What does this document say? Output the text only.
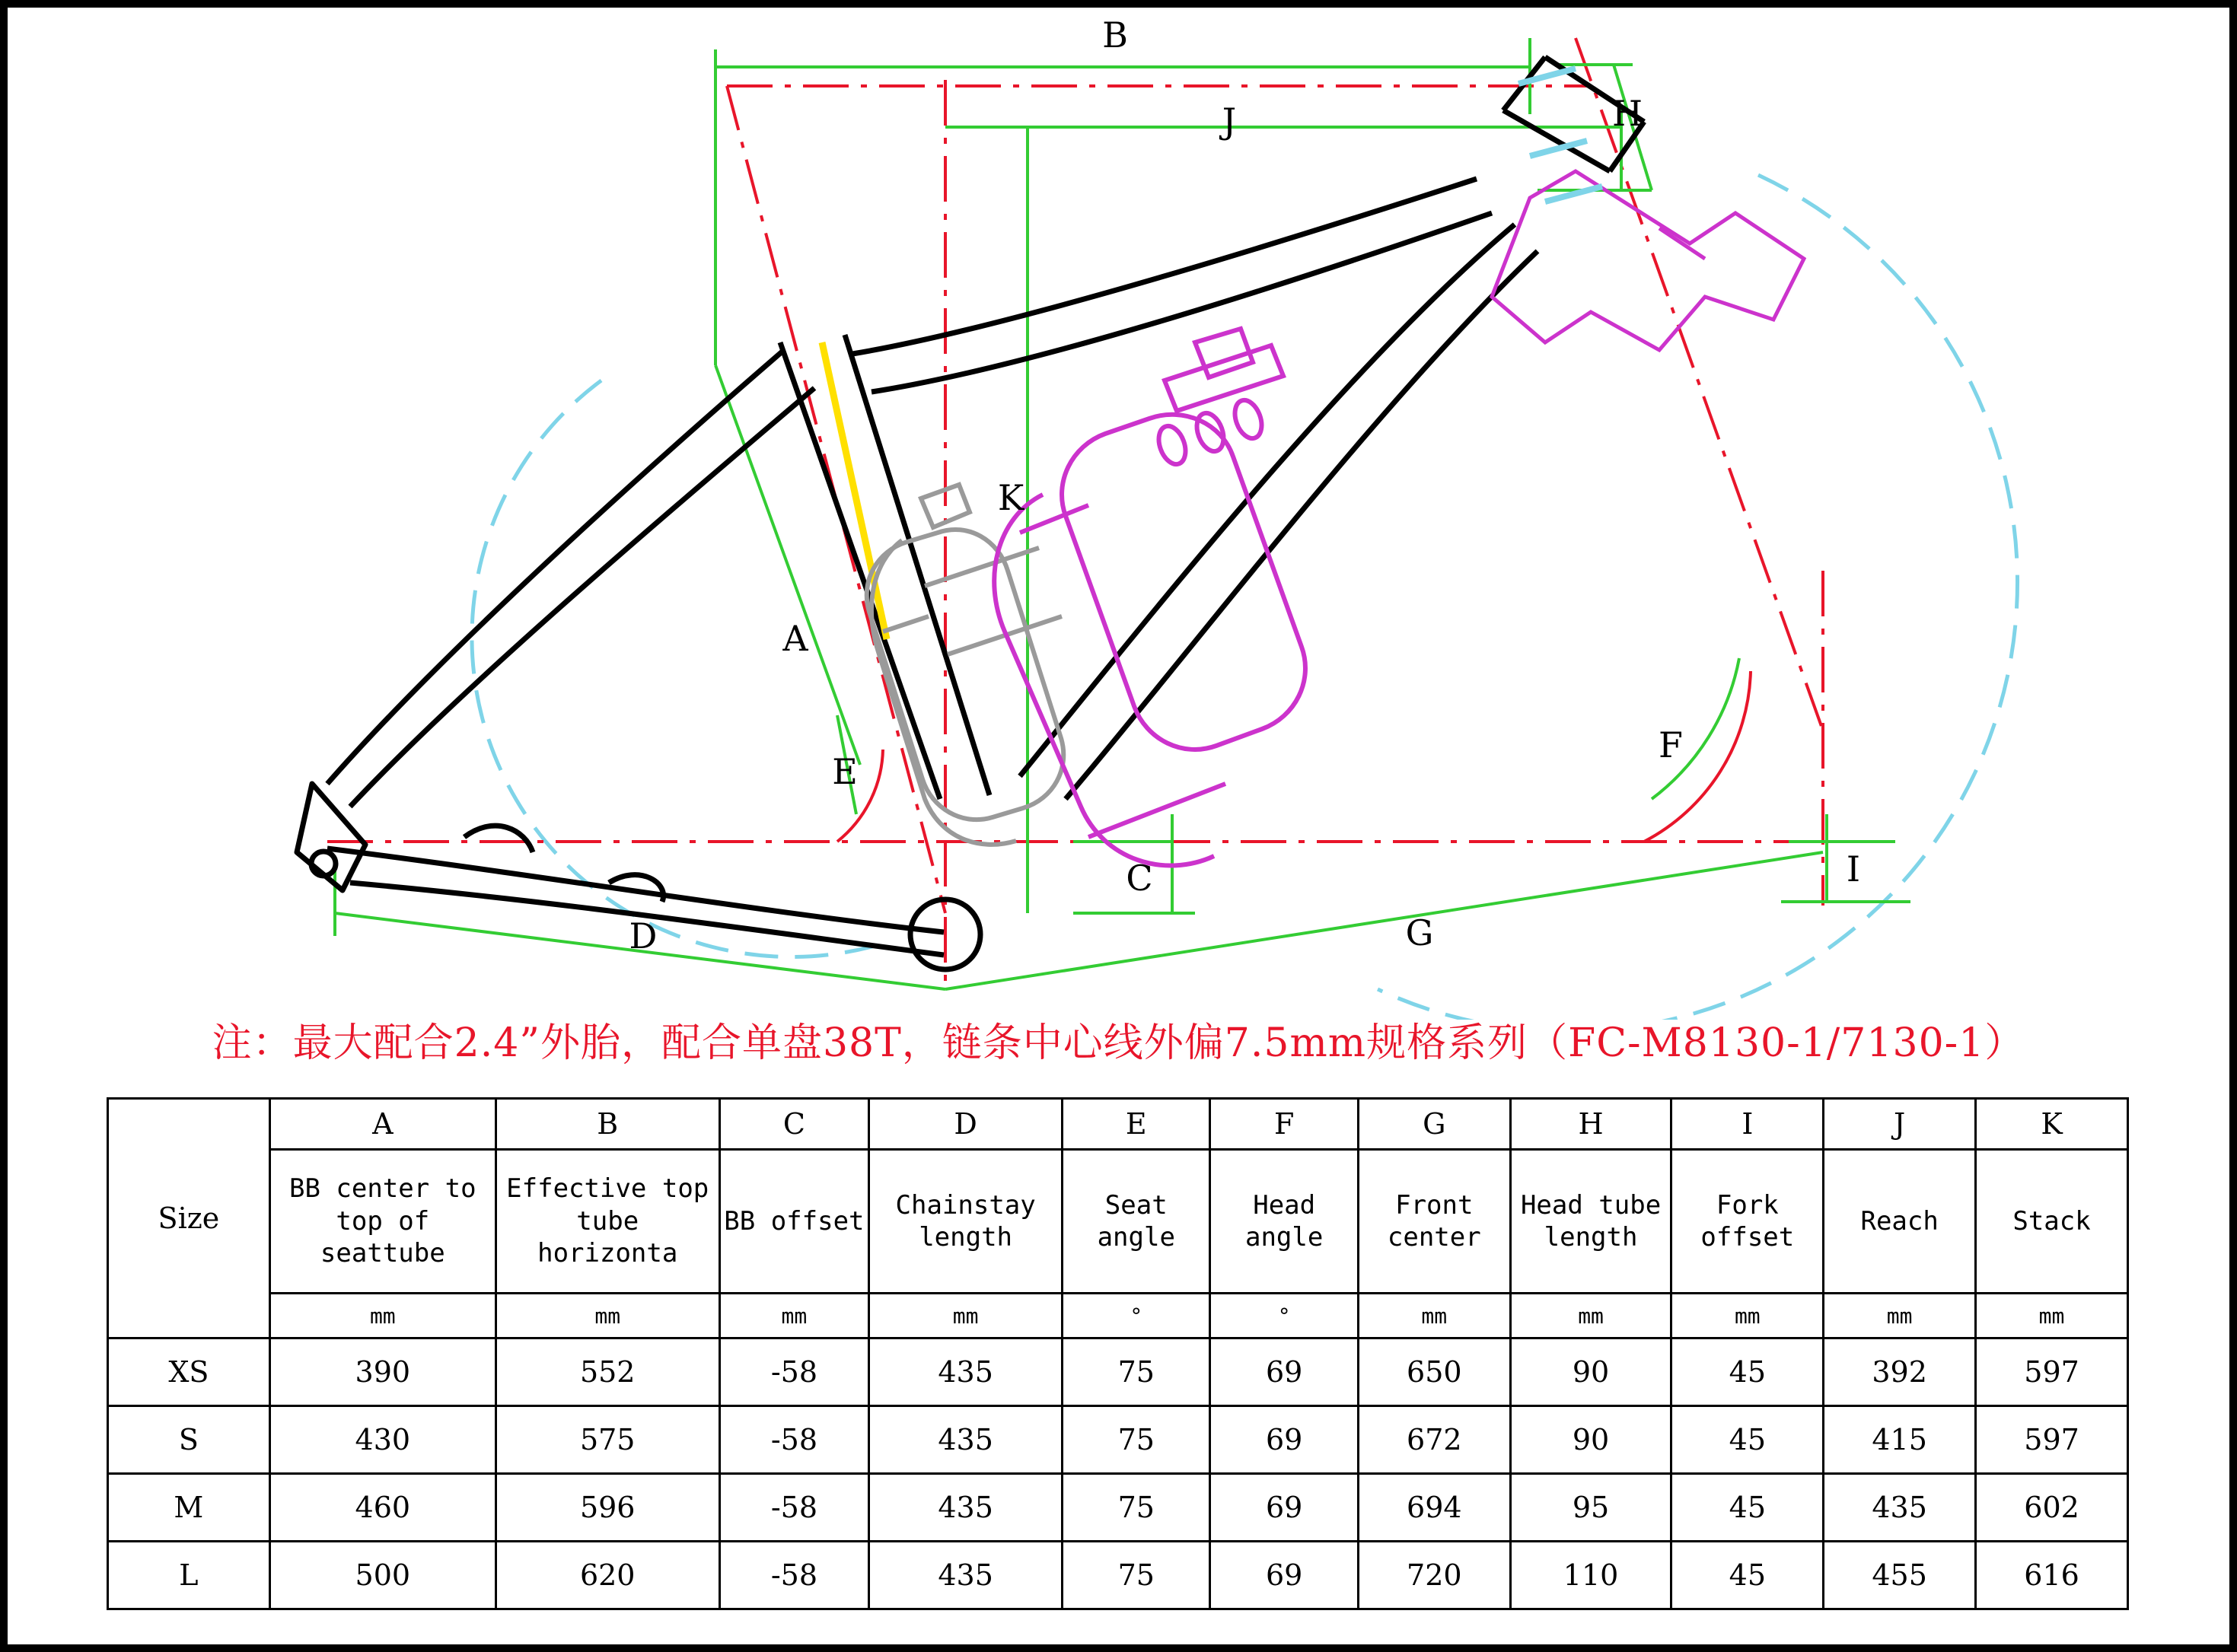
B
J	H
K
A
E
C
D	G
F
I
注：最大配合2.4”外胎，配合单盘38T，链条中心线外偏7.5mm规格系列（FC-M8130-1/7130-1）
Size	A	B	C	D	E	F	G	H	I	J	K
	BB center to top of seattube	Effective top tube horizonta	BB offset	Chainstay length	Seat angle	Head angle	Front center	Head tube length	Fork offset	Reach	Stack
	mm	mm	mm	mm	°	°	mm	mm	mm	mm	mm
XS	390	552	-58	435	75	69	650	90	45	392	597
S	430	575	-58	435	75	69	672	90	45	415	597
M	460	596	-58	435	75	69	694	95	45	435	602
L	500	620	-58	435	75	69	720	110	45	455	616
